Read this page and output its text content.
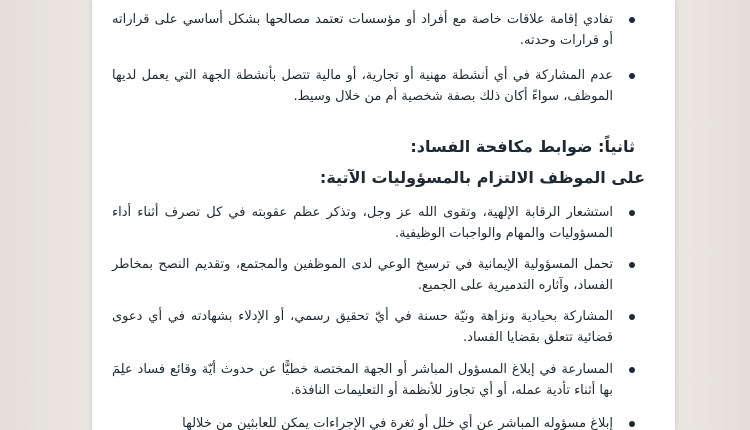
تفادي إقامة علاقات خاصة مع أفراد أو مؤسسات تعتمد مصالحها بشكل أساسي على قراراته أو قرارات وحدته.
عدم المشاركة في أي أنشطة مهنية أو تجارية، أو مالية تتصل بأنشطة الجهة التي يعمل لديها الموظف، سواءً أكان ذلك بصفة شخصية أم من خلال وسيط.
ثانياً: ضوابط مكافحة الفساد:
على الموظف الالتزام بالمسؤوليات الآتية:
استشعار الرقابة الإلهية، وتقوى الله عز وجل، وتذكر عظم عقوبته في كل تصرف أثناء أداء المسؤوليات والمهام والواجبات الوظيفية.
تحمل المسؤولية الإيمانية في ترسيخ الوعي لدى الموظفين والمجتمع، وتقديم النصح بمخاطر الفساد، وآثاره التدميرية على الجميع.
المشاركة بحيادية ونزاهة ونيّة حسنة في أيّ تحقيق رسمي، أو الإدلاء بشهادته في أي دعوى قضائية تتعلق بقضايا الفساد.
المسارعة في إبلاغ المسؤول المباشر أو الجهة المختصة خطيًّا عن حدوث أيّة وقائع فساد علِمَ بها أثناء تأدية عمله، أو أي تجاوز للأنظمة أو التعليمات النافذة.
إبلاغ مسؤوله المباشر عن أي خلل أو ثغرة في الإجراءات يمكن للعابثين من خلالها
